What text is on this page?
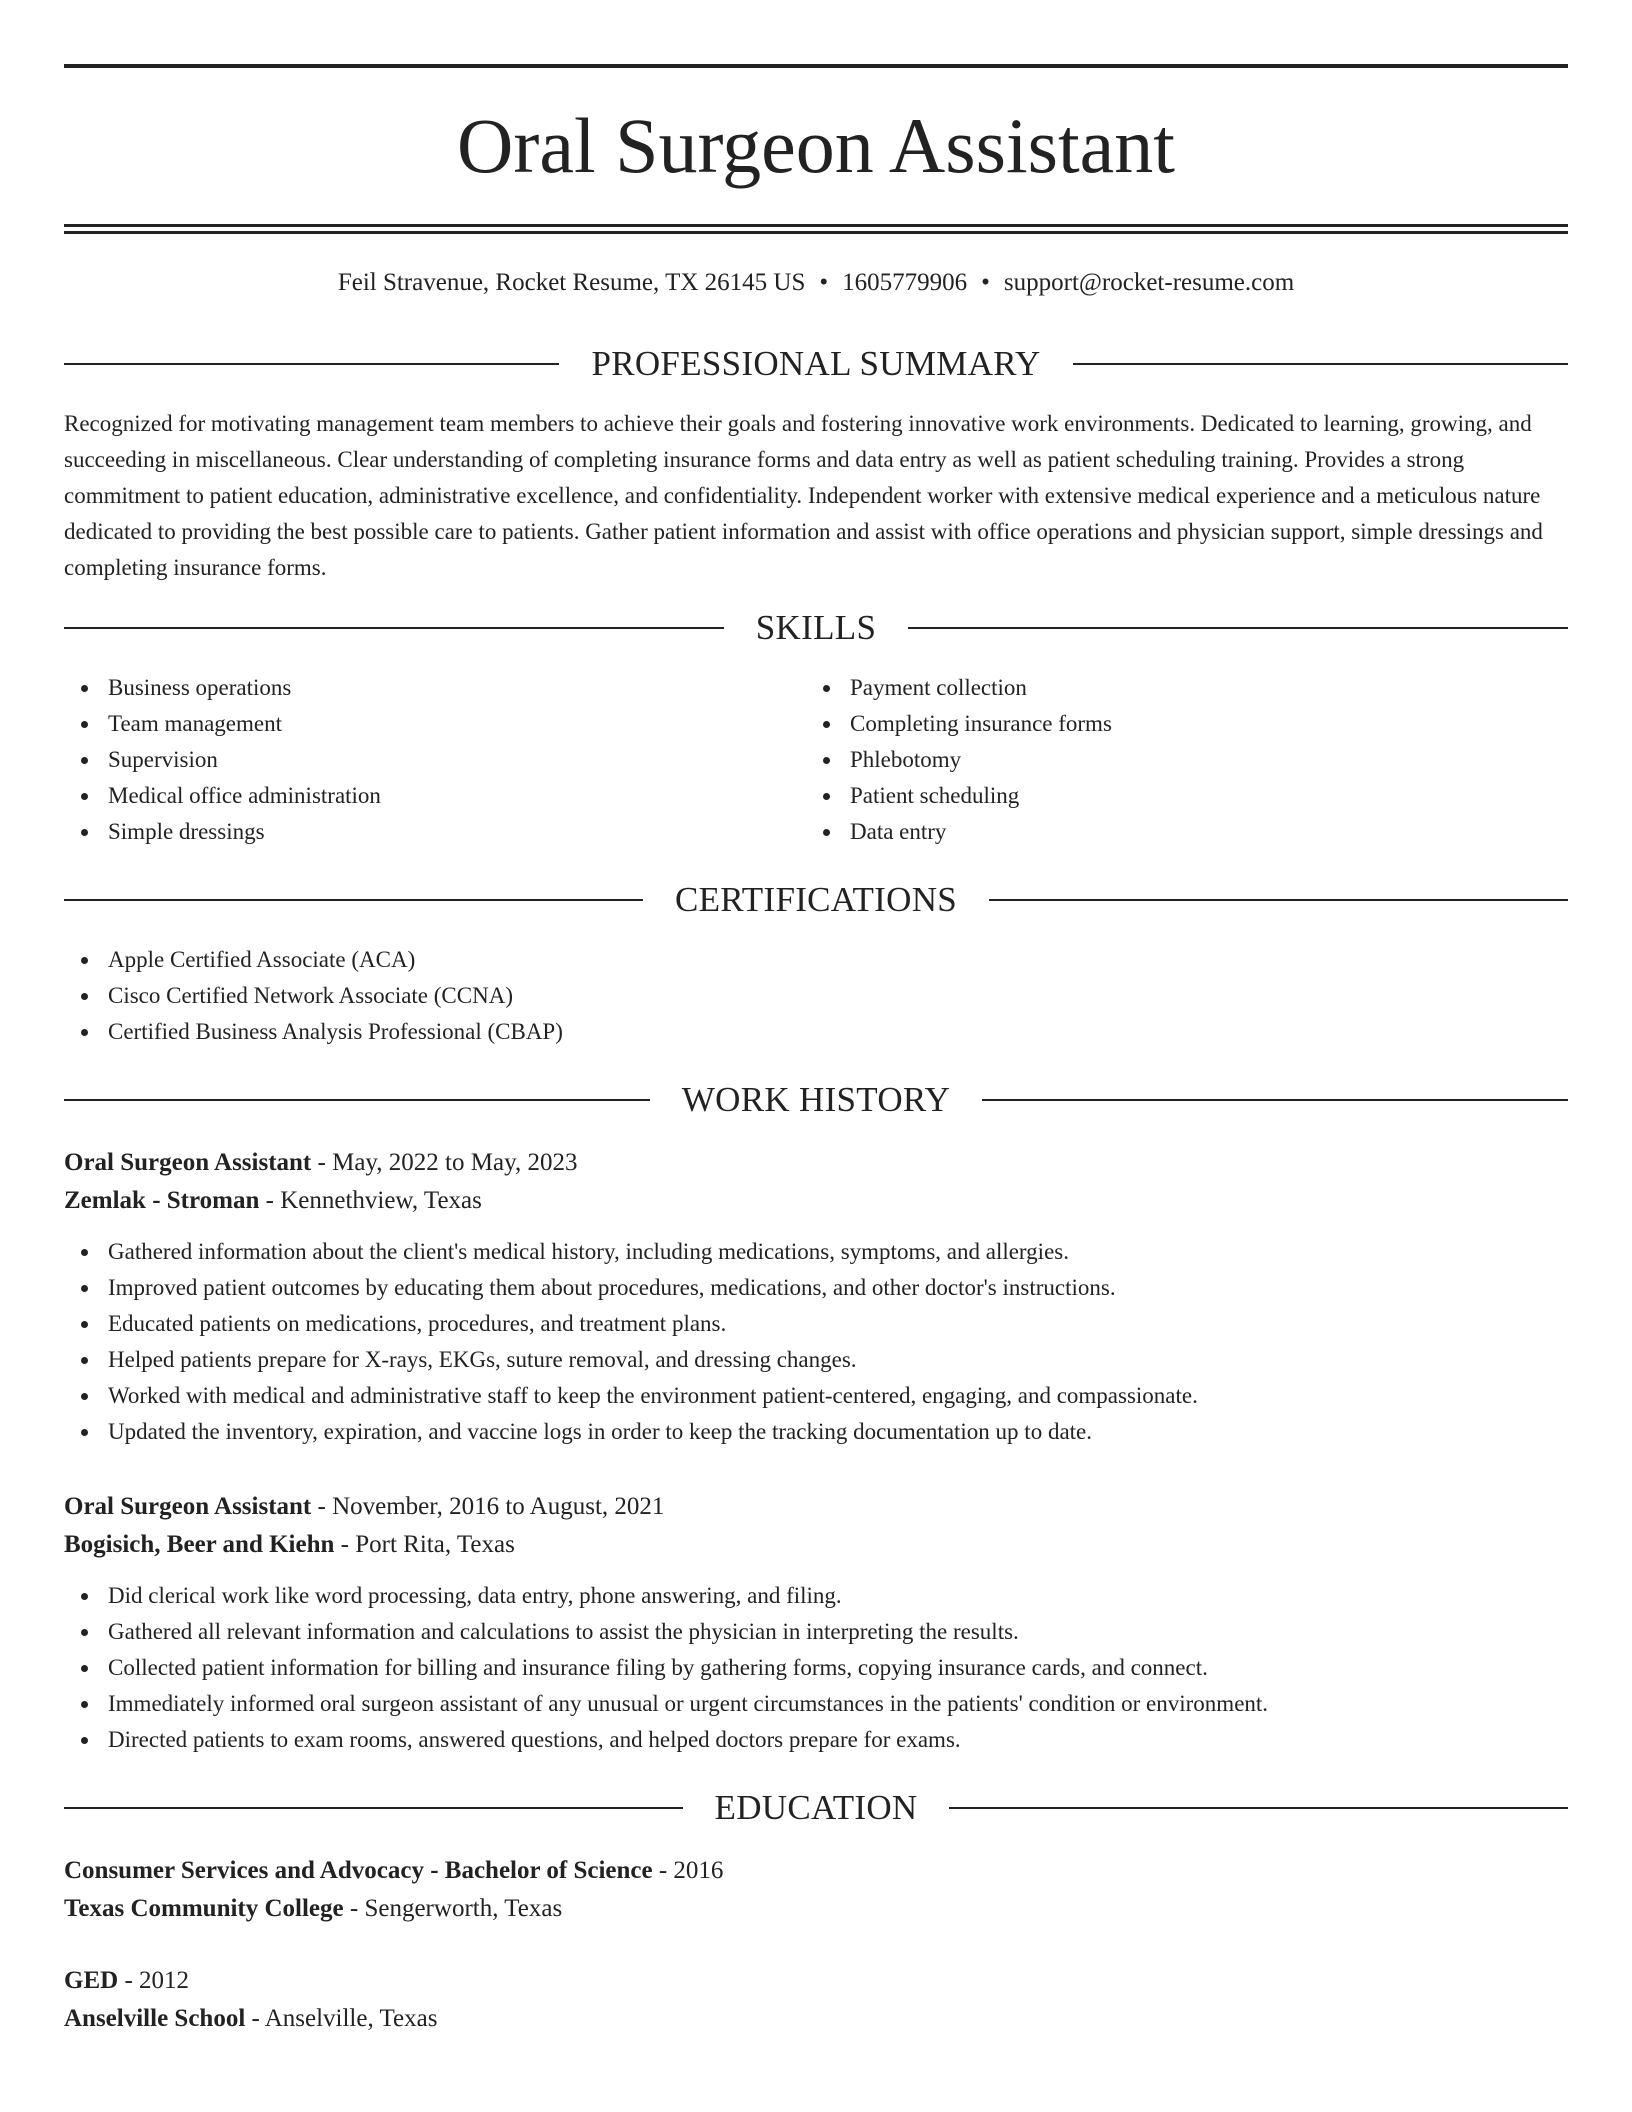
Oral Surgeon Assistant
Feil Stravenue, Rocket Resume, TX 26145 US • 1605779906 • support@rocket-resume.com
PROFESSIONAL SUMMARY

Recognized for motivating management team members to achieve their goals and fostering innovative work environments. Dedicated to learning, growing, and succeeding in miscellaneous. Clear understanding of completing insurance forms and data entry as well as patient scheduling training. Provides a strong commitment to patient education, administrative excellence, and confidentiality. Independent worker with extensive medical experience and a meticulous nature dedicated to providing the best possible care to patients. Gather patient information and assist with office operations and physician support, simple dressings and completing insurance forms.

SKILLS
Business operations
Team management
Supervision
Medical office administration
Simple dressings
Payment collection
Completing insurance forms
Phlebotomy
Patient scheduling
Data entry
CERTIFICATIONS
Apple Certified Associate (ACA)
Cisco Certified Network Associate (CCNA)
Certified Business Analysis Professional (CBAP)
WORK HISTORY
Oral Surgeon Assistant - May, 2022 to May, 2023
Zemlak - Stroman - Kennethview, Texas
Gathered information about the client's medical history, including medications, symptoms, and allergies.
Improved patient outcomes by educating them about procedures, medications, and other doctor's instructions.
Educated patients on medications, procedures, and treatment plans.
Helped patients prepare for X-rays, EKGs, suture removal, and dressing changes.
Worked with medical and administrative staff to keep the environment patient-centered, engaging, and compassionate.
Updated the inventory, expiration, and vaccine logs in order to keep the tracking documentation up to date.
Oral Surgeon Assistant - November, 2016 to August, 2021
Bogisich, Beer and Kiehn - Port Rita, Texas
Did clerical work like word processing, data entry, phone answering, and filing.
Gathered all relevant information and calculations to assist the physician in interpreting the results.
Collected patient information for billing and insurance filing by gathering forms, copying insurance cards, and connect.
Immediately informed oral surgeon assistant of any unusual or urgent circumstances in the patients' condition or environment.
Directed patients to exam rooms, answered questions, and helped doctors prepare for exams.
EDUCATION
Consumer Services and Advocacy - Bachelor of Science - 2016
Texas Community College - Sengerworth, Texas
GED - 2012
Anselville School - Anselville, Texas
